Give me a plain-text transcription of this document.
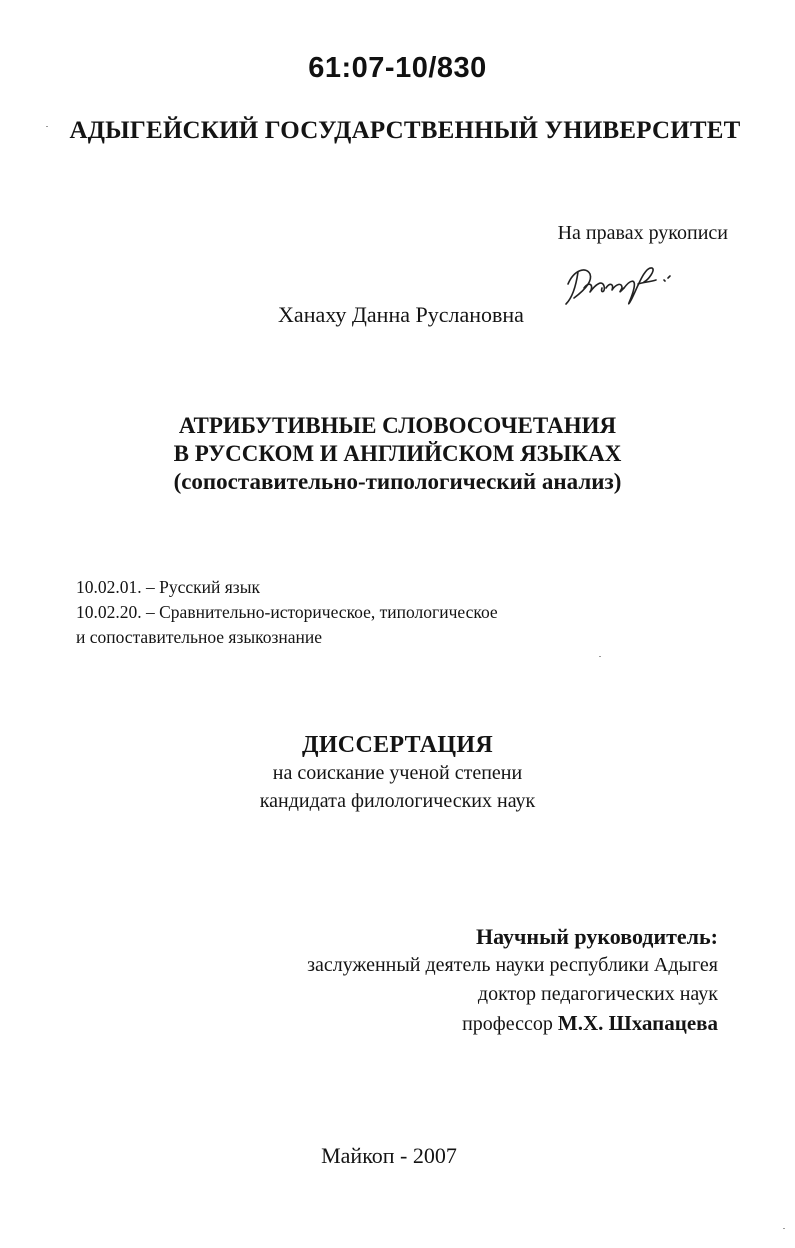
61:07-10/830
АДЫГЕЙСКИЙ ГОСУДАРСТВЕННЫЙ УНИВЕРСИТЕТ
На правах рукописи
Ханаху Данна Руслановна
АТРИБУТИВНЫЕ СЛОВОСОЧЕТАНИЯ
В РУССКОМ И АНГЛИЙСКОМ ЯЗЫКАХ
(сопоставительно-типологический анализ)
10.02.01. – Русский язык
10.02.20. – Сравнительно-историческое, типологическое
и сопоставительное языкознание
ДИССЕРТАЦИЯ
на соискание ученой степени
кандидата филологических наук
Научный руководитель:
заслуженный деятель науки республики Адыгея
доктор педагогических наук
профессор М.Х. Шхапацева
Майкоп - 2007
